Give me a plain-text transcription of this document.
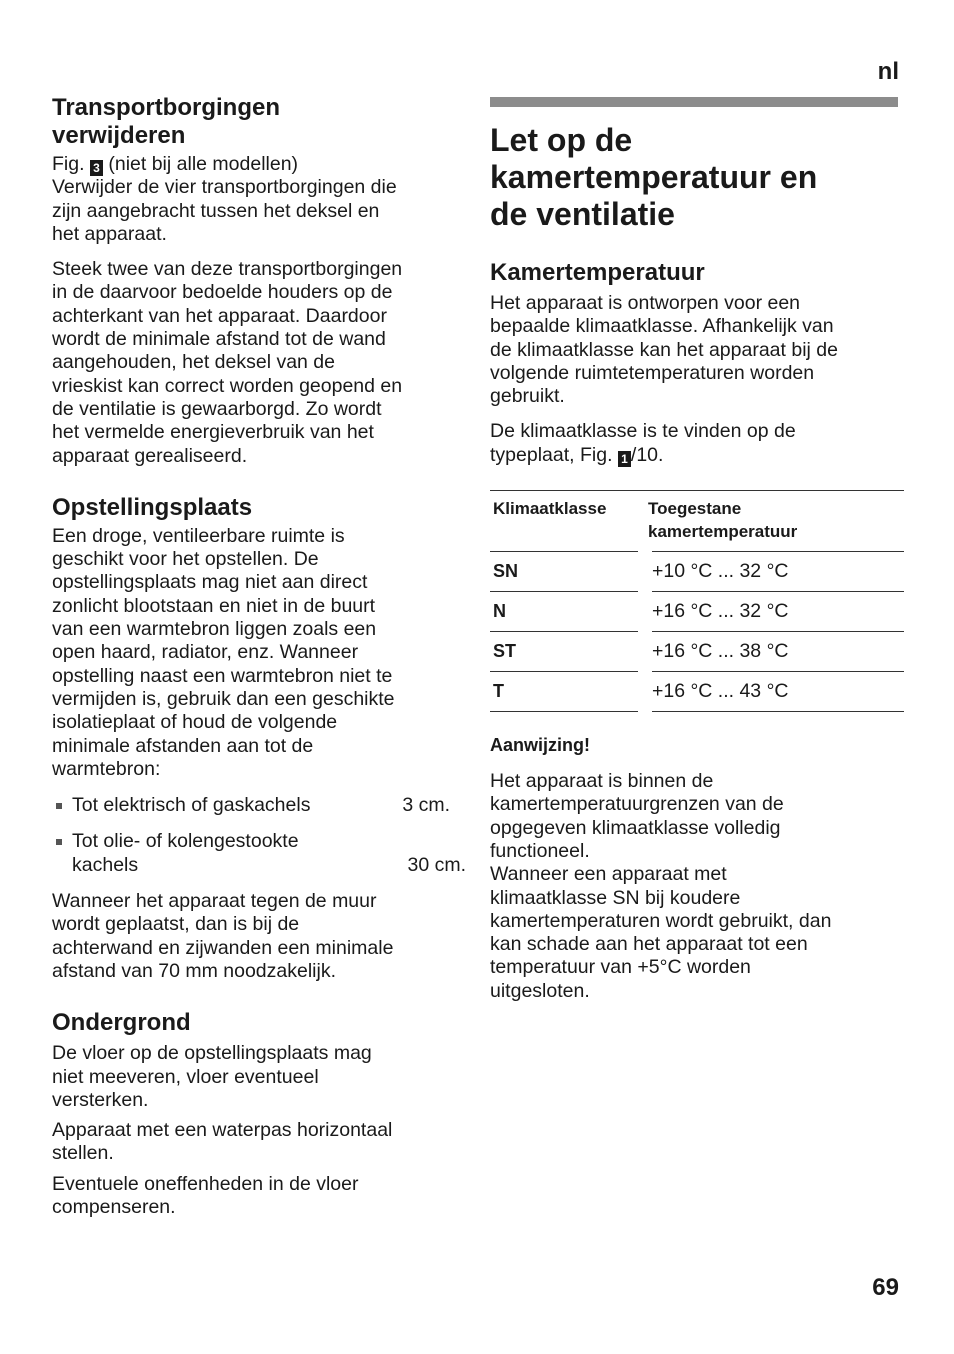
nl
Transportborgingen
verwijderen

Fig. 3 (niet bij alle modellen)

Verwijder de vier transportborgingen die
zijn aangebracht tussen het deksel en
het apparaat.

Steek twee van deze transportborgingen
in de daarvoor bedoelde houders op de
achterkant van het apparaat. Daardoor
wordt de minimale afstand tot de wand
aangehouden, het deksel van de
vrieskist kan correct worden geopend en
de ventilatie is gewaarborgd. Zo wordt
het vermelde energieverbruik van het
apparaat gerealiseerd.

Opstellingsplaats

Een droge, ventileerbare ruimte is
geschikt voor het opstellen. De
opstellingsplaats mag niet aan direct
zonlicht blootstaan en niet in de buurt
van een warmtebron liggen zoals een
open haard, radiator, enz. Wanneer
opstelling naast een warmtebron niet te
vermijden is, gebruik dan een geschikte
isolatieplaat of houd de volgende
minimale afstanden aan tot de
warmtebron:

Tot elektrisch of gaskachels	3 cm.
Tot olie- of kolengestookte

kachels	30 cm.

Wanneer het apparaat tegen de muur
wordt geplaatst, dan is bij de
achterwand en zijwanden een minimale
afstand van 70 mm noodzakelijk.

Ondergrond

De vloer op de opstellingsplaats mag
niet meeveren, vloer eventueel
versterken.

Apparaat met een waterpas horizontaal
stellen.

Eventuele oneffenheden in de vloer
compenseren.

Let op de
kamertemperatuur en
de ventilatie
Kamertemperatuur

Het apparaat is ontworpen voor een
bepaalde klimaatklasse. Afhankelijk van
de klimaatklasse kan het apparaat bij de
volgende ruimtetemperaturen worden
gebruikt.

De klimaatklasse is te vinden op de
typeplaat, Fig. 1 /10.

Klimaatklasse	Toegestane
kamertemperatuur
SN	+10 °C ... 32 °C
N	+16 °C ... 32 °C
ST	+16 °C ... 38 °C
T	+16 °C ... 43 °C
Aanwijzing!

Het apparaat is binnen de
kamertemperatuurgrenzen van de
opgegeven klimaatklasse volledig
functioneel.
Wanneer een apparaat met
klimaatklasse SN bij koudere
kamertemperaturen wordt gebruikt, dan
kan schade aan het apparaat tot een
temperatuur van +5°C worden
uitgesloten.

69
